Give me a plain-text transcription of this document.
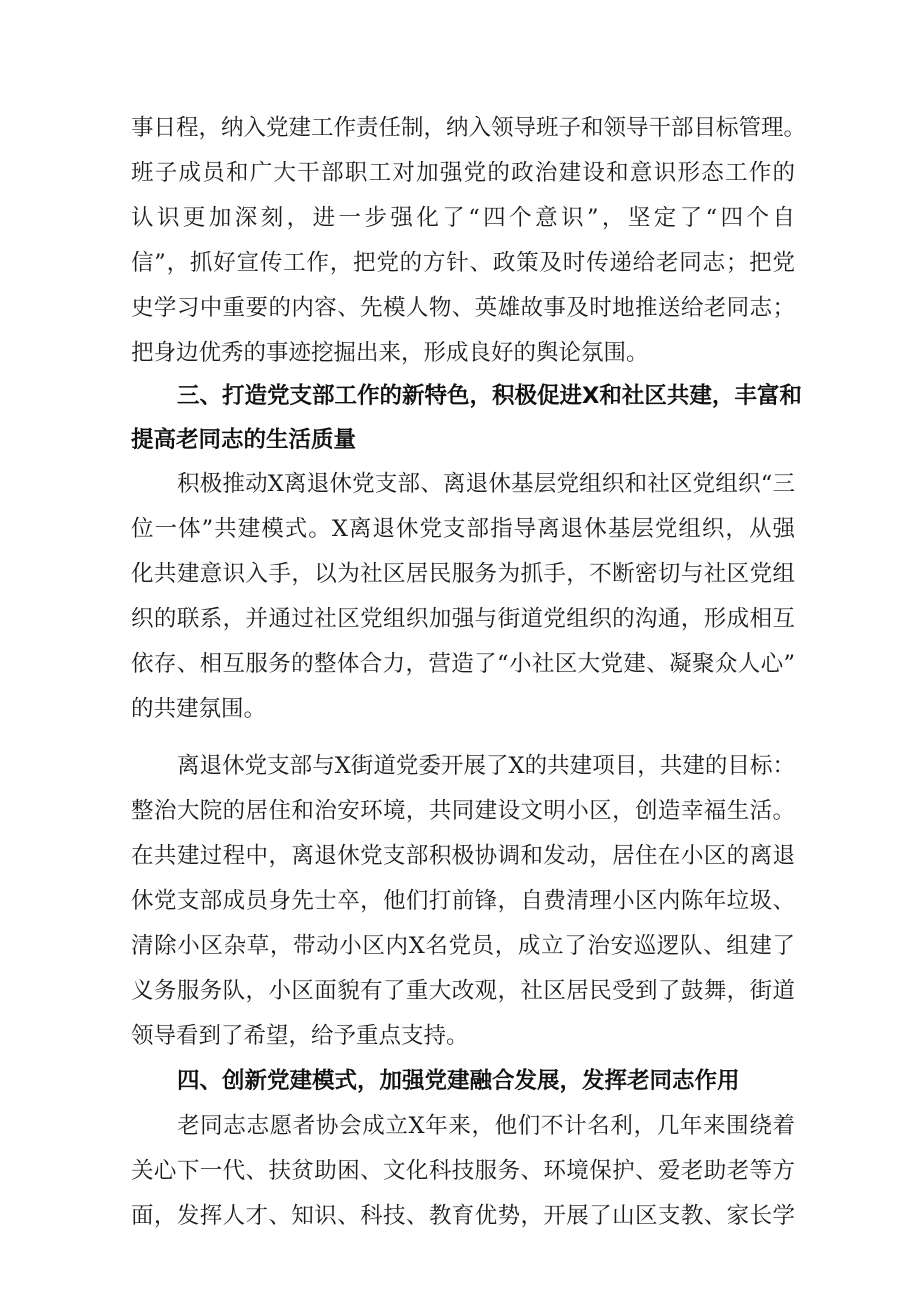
事日程，纳入党建工作责任制，纳入领导班子和领导干部目标管理。
班子成员和广大干部职工对加强党的政治建设和意识形态工作的
认识更加深刻，进一步强化了“四个意识”，坚定了“四个自
信”，抓好宣传工作，把党的方针、政策及时传递给老同志；把党
史学习中重要的内容、先模人物、英雄故事及时地推送给老同志；
把身边优秀的事迹挖掘出来，形成良好的舆论氛围。
三、打造党支部工作的新特色，积极促进X和社区共建，丰富和
提高老同志的生活质量
积极推动X离退休党支部、离退休基层党组织和社区党组织“三
位一体”共建模式。X离退休党支部指导离退休基层党组织，从强
化共建意识入手，以为社区居民服务为抓手，不断密切与社区党组
织的联系，并通过社区党组织加强与街道党组织的沟通，形成相互
依存、相互服务的整体合力，营造了“小社区大党建、凝聚众人心”
的共建氛围。
离退休党支部与X街道党委开展了X的共建项目，共建的目标：
整治大院的居住和治安环境，共同建设文明小区，创造幸福生活。
在共建过程中，离退休党支部积极协调和发动，居住在小区的离退
休党支部成员身先士卒，他们打前锋，自费清理小区内陈年垃圾、
清除小区杂草，带动小区内X名党员，成立了治安巡逻队、组建了
义务服务队，小区面貌有了重大改观，社区居民受到了鼓舞，街道
领导看到了希望，给予重点支持。
四、创新党建模式，加强党建融合发展，发挥老同志作用
老同志志愿者协会成立X年来，他们不计名利，几年来围绕着
关心下一代、扶贫助困、文化科技服务、环境保护、爱老助老等方
面，发挥人才、知识、科技、教育优势，开展了山区支教、家长学
